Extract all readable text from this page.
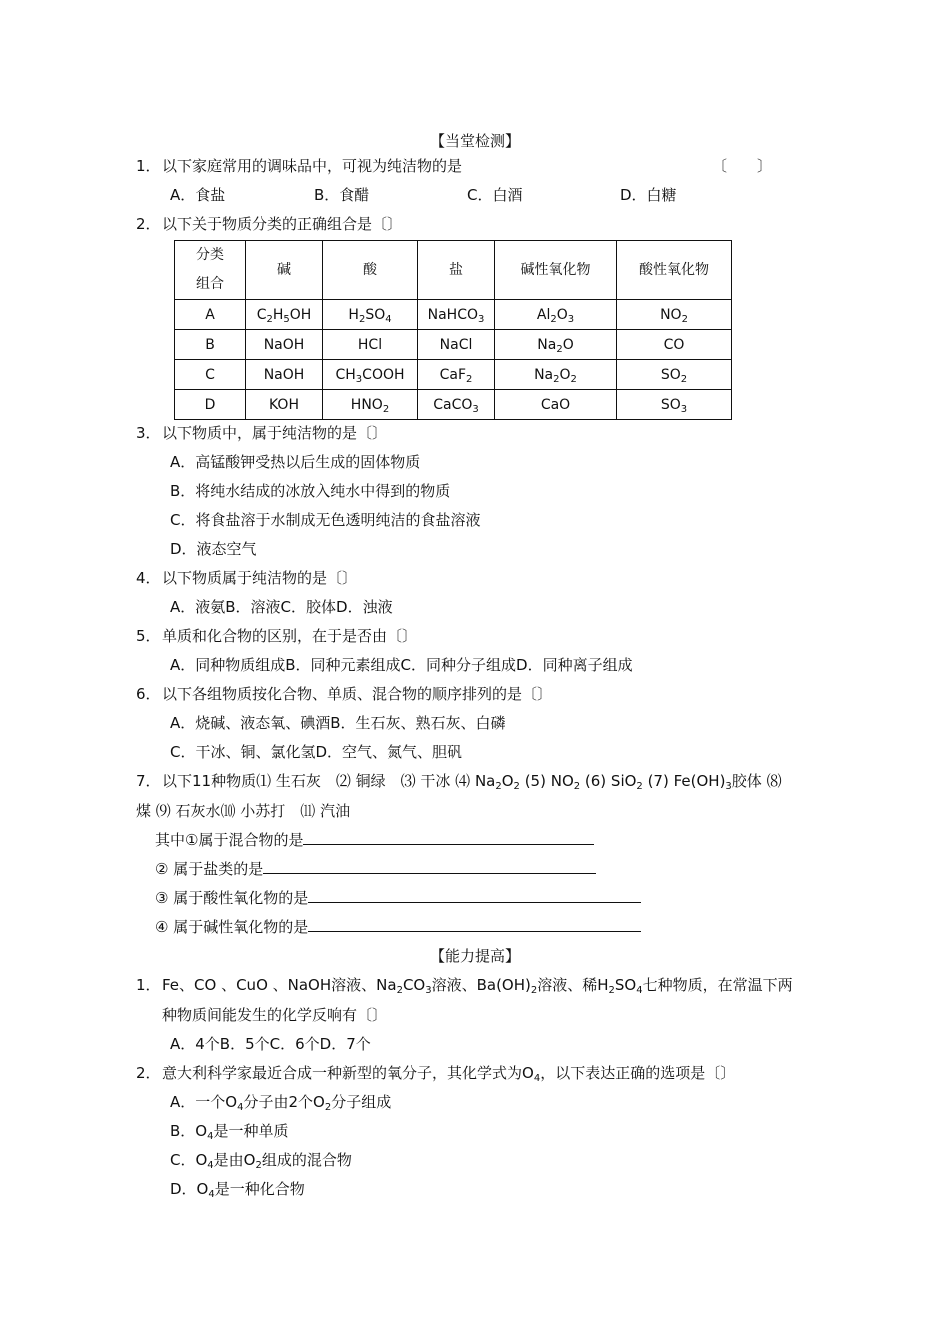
【当堂检测】
1．以下家庭常用的调味品中，可视为纯洁物的是	〔　　〕
A．食盐	B．食醋	C．白酒	D．白糖
2．以下关于物质分类的正确组合是〔〕
分类
组合	碱	酸	盐	碱性氧化物	酸性氧化物
A	$C_2H_5OH$	$H_2SO_4$	NaHCO$_3$	$Al_2O_3$	$NO_2$
B	NaOH	HCl	NaCl	$Na_2O$	CO
C	NaOH	$CH_3COOH$	CaF$_2$	$Na_2O_2$	$SO_2$
D	KOH	$HNO_2$	CaCO$_3$	CaO	$SO_3$
3．以下物质中，属于纯洁物的是〔〕
A．高锰酸钾受热以后生成的固体物质
B．将纯水结成的冰放入纯水中得到的物质
C．将食盐溶于水制成无色透明纯洁的食盐溶液
D．液态空气
4．以下物质属于纯洁物的是〔〕
A．液氨B．溶液C．胶体D．浊液
5．单质和化合物的区别，在于是否由〔〕
A．同种物质组成B．同种元素组成C．同种分子组成D．同种离子组成
6．以下各组物质按化合物、单质、混合物的顺序排列的是〔〕
A．烧碱、液态氧、碘酒B．生石灰、熟石灰、白磷
C．干冰、铜、氯化氢D．空气、氮气、胆矾
7．以下11种物质⑴ 生石灰　⑵ 铜绿　⑶ 干冰 ⑷ $Na_2O_2$ (5) $NO_2$ (6) SiO$_2$ (7) $Fe(OH)_3$胶体 ⑻
煤 ⑼ 石灰水⑽ 小苏打　⑾ 汽油
其中①属于混合物的是
② 属于盐类的是
③ 属于酸性氧化物的是
④ 属于碱性氧化物的是
【能力提高】
1．Fe、CO 、CuO 、NaOH溶液、$Na_2CO_3$溶液、$Ba(OH)_2$溶液、稀$H_2SO_4$七种物质，在常温下两
种物质间能发生的化学反响有〔〕
A．4个B．5个C．6个D．7个
2．意大利科学家最近合成一种新型的氧分子，其化学式为$O_4$，以下表达正确的选项是〔〕
A．一个$O_4$分子由2个$O_2$分子组成
B．$O_4$是一种单质
C．$O_4$是由$O_2$组成的混合物
D．$O_4$是一种化合物
